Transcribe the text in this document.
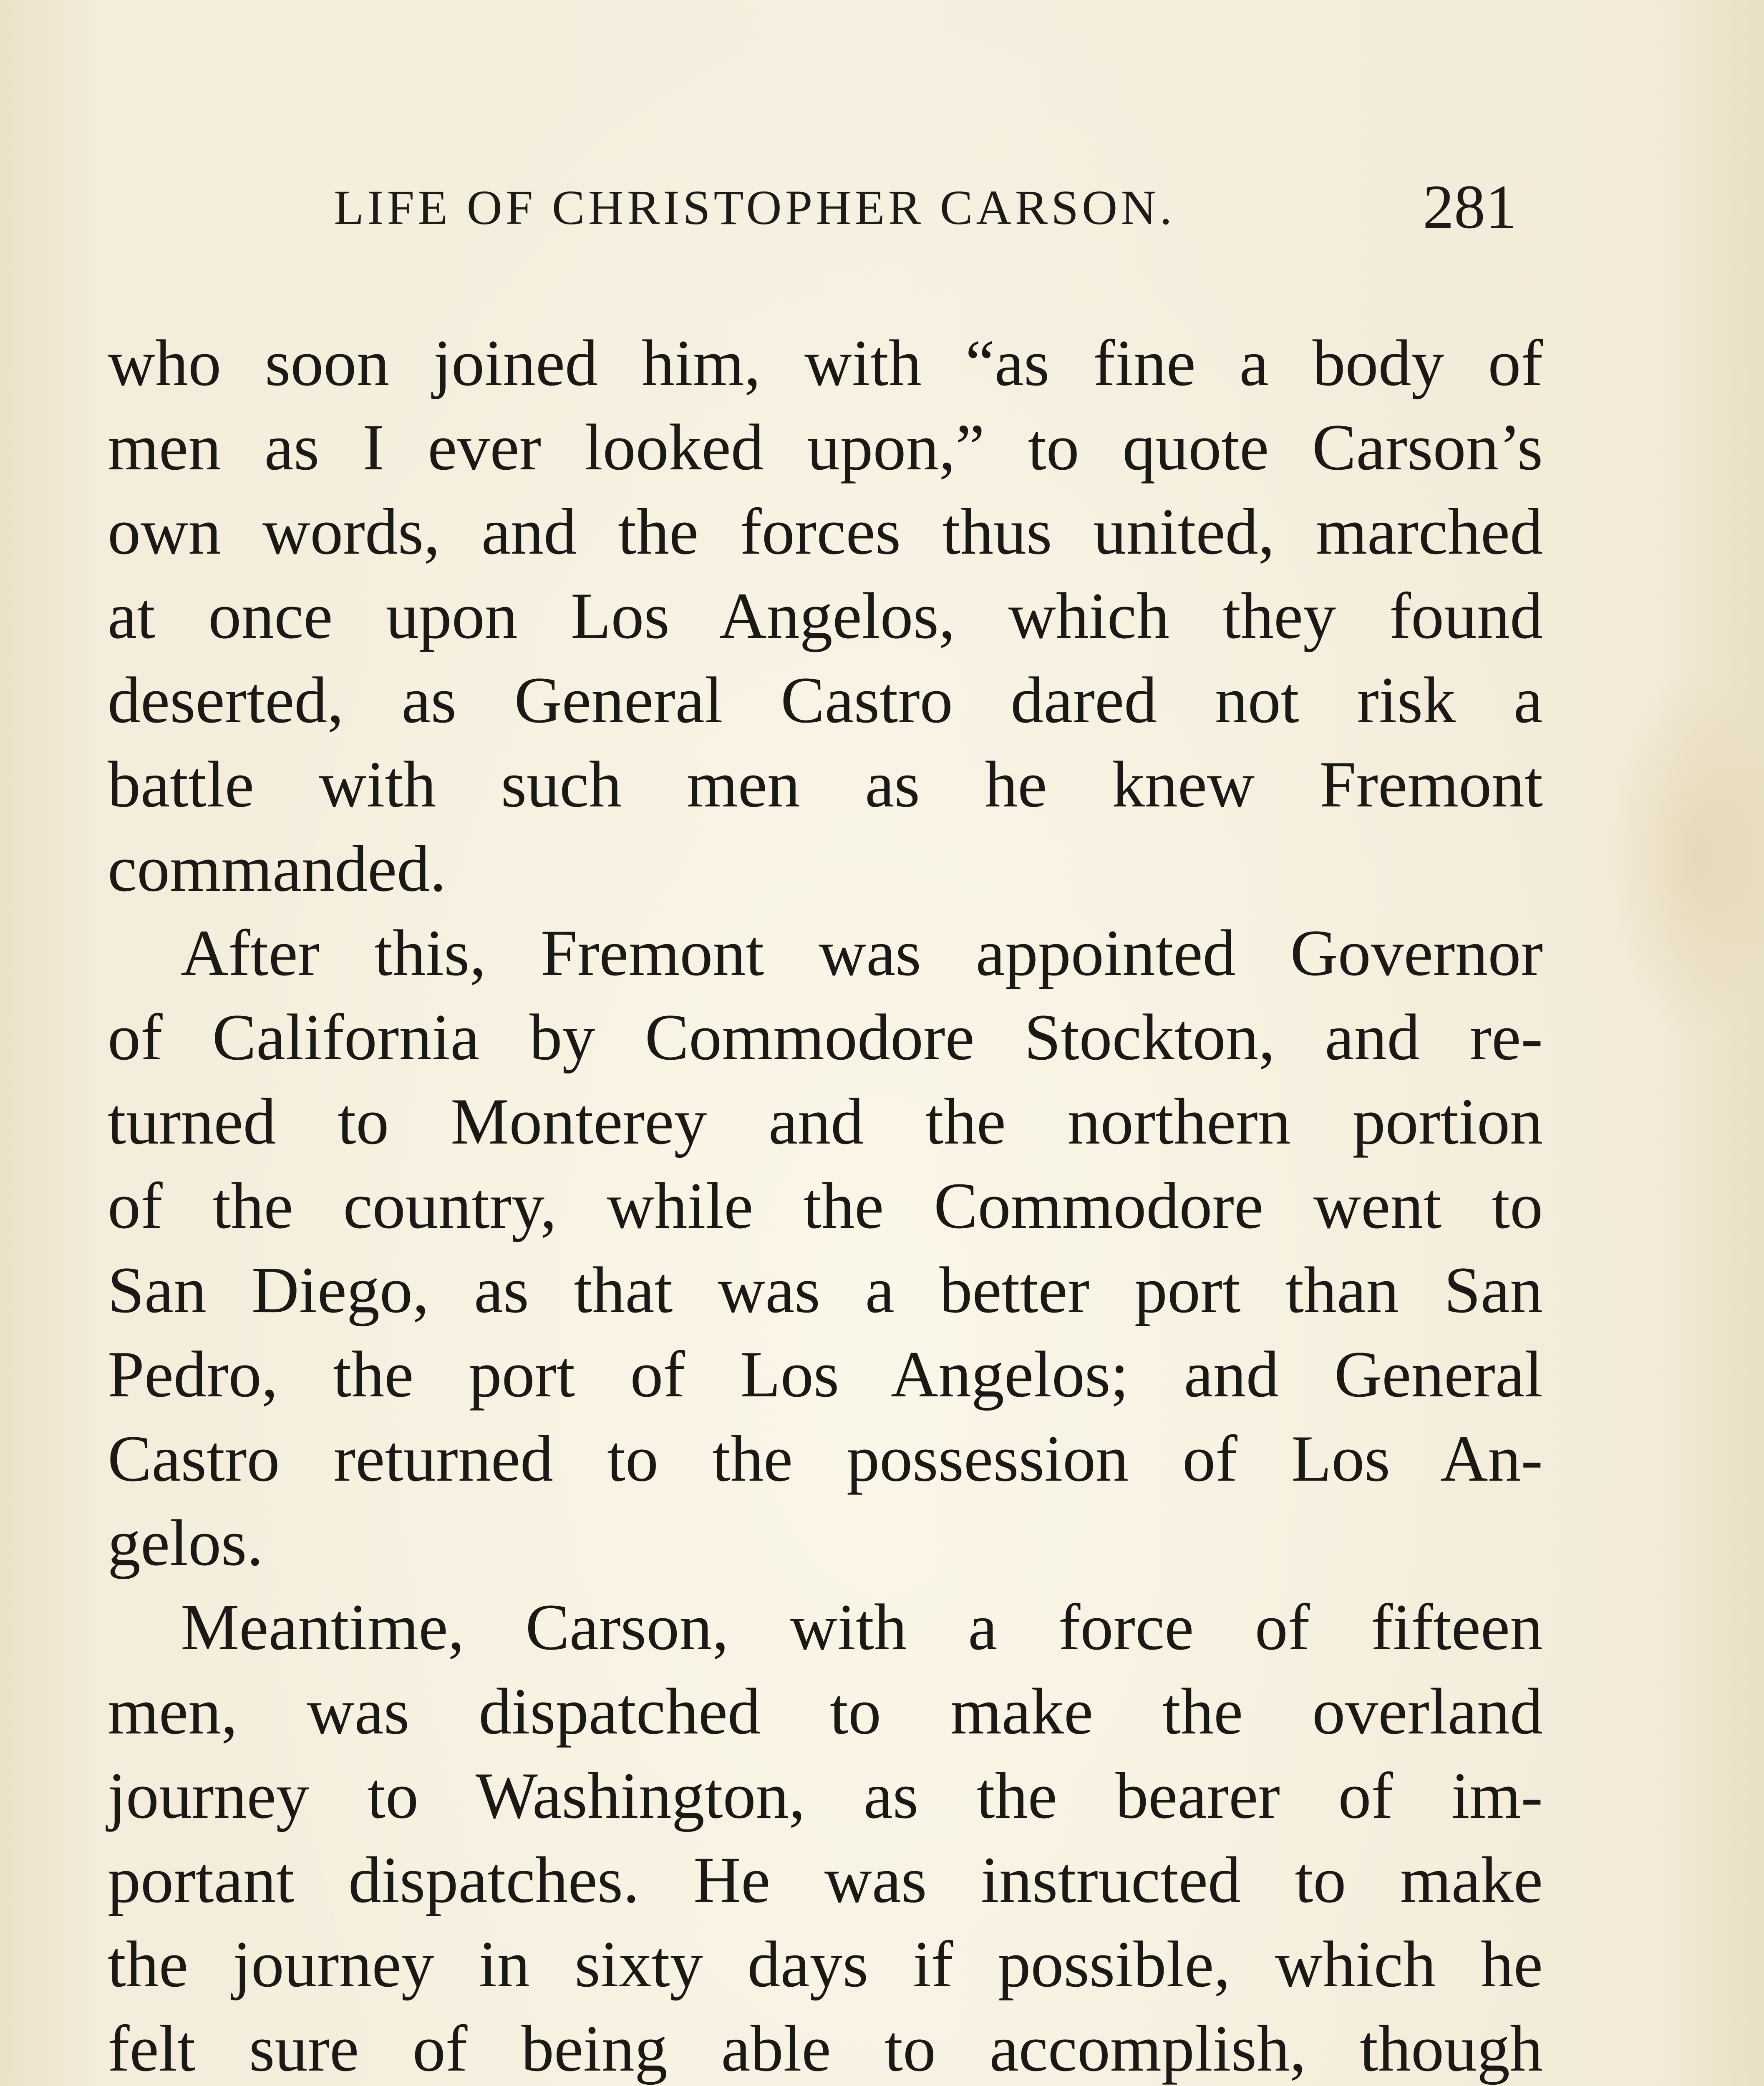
LIFE OF CHRISTOPHER CARSON.	281
who soon joined him, with “as fine a body of
men as I ever looked upon,” to quote Carson’s
own words, and the forces thus united, marched
at once upon Los Angelos, which they found
deserted, as General Castro dared not risk a
battle with such men as he knew Fremont
commanded.
After this, Fremont was appointed Governor
of California by Commodore Stockton, and re-
turned to Monterey and the northern portion
of the country, while the Commodore went to
San Diego, as that was a better port than San
Pedro, the port of Los Angelos; and General
Castro returned to the possession of Los An-
gelos.
Meantime, Carson, with a force of fifteen
men, was dispatched to make the overland
journey to Washington, as the bearer of im-
portant dispatches. He was instructed to make
the journey in sixty days if possible, which he
felt sure of being able to accomplish, though
